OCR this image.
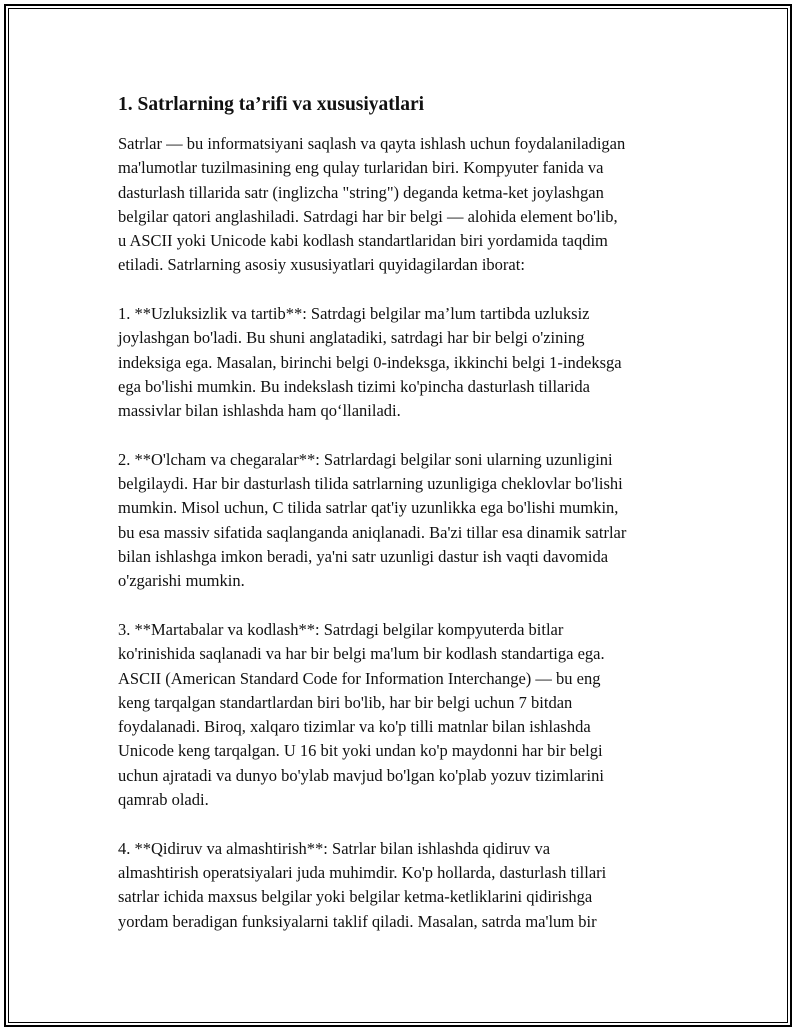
1. Satrlarning ta’rifi va xususiyatlari
Satrlar — bu informatsiyani saqlash va qayta ishlash uchun foydalaniladigan
ma'lumotlar tuzilmasining eng qulay turlaridan biri. Kompyuter fanida va
dasturlash tillarida satr (inglizcha "string") deganda ketma-ket joylashgan
belgilar qatori anglashiladi. Satrdagi har bir belgi — alohida element bo'lib,
u ASCII yoki Unicode kabi kodlash standartlaridan biri yordamida taqdim
etiladi. Satrlarning asosiy xususiyatlari quyidagilardan iborat:
1. **Uzluksizlik va tartib**: Satrdagi belgilar ma’lum tartibda uzluksiz
joylashgan bo'ladi. Bu shuni anglatadiki, satrdagi har bir belgi o'zining
indeksiga ega. Masalan, birinchi belgi 0-indeksga, ikkinchi belgi 1-indeksga
ega bo'lishi mumkin. Bu indekslash tizimi ko'pincha dasturlash tillarida
massivlar bilan ishlashda ham qo‘llaniladi.
2. **O'lcham va chegaralar**: Satrlardagi belgilar soni ularning uzunligini
belgilaydi. Har bir dasturlash tilida satrlarning uzunligiga cheklovlar bo'lishi
mumkin. Misol uchun, C tilida satrlar qat'iy uzunlikka ega bo'lishi mumkin,
bu esa massiv sifatida saqlanganda aniqlanadi. Ba'zi tillar esa dinamik satrlar
bilan ishlashga imkon beradi, ya'ni satr uzunligi dastur ish vaqti davomida
o'zgarishi mumkin.
3. **Martabalar va kodlash**: Satrdagi belgilar kompyuterda bitlar
ko'rinishida saqlanadi va har bir belgi ma'lum bir kodlash standartiga ega.
ASCII (American Standard Code for Information Interchange) — bu eng
keng tarqalgan standartlardan biri bo'lib, har bir belgi uchun 7 bitdan
foydalanadi. Biroq, xalqaro tizimlar va ko'p tilli matnlar bilan ishlashda
Unicode keng tarqalgan. U 16 bit yoki undan ko'p maydonni har bir belgi
uchun ajratadi va dunyo bo'ylab mavjud bo'lgan ko'plab yozuv tizimlarini
qamrab oladi.
4. **Qidiruv va almashtirish**: Satrlar bilan ishlashda qidiruv va
almashtirish operatsiyalari juda muhimdir. Ko'p hollarda, dasturlash tillari
satrlar ichida maxsus belgilar yoki belgilar ketma-ketliklarini qidirishga
yordam beradigan funksiyalarni taklif qiladi. Masalan, satrda ma'lum bir
